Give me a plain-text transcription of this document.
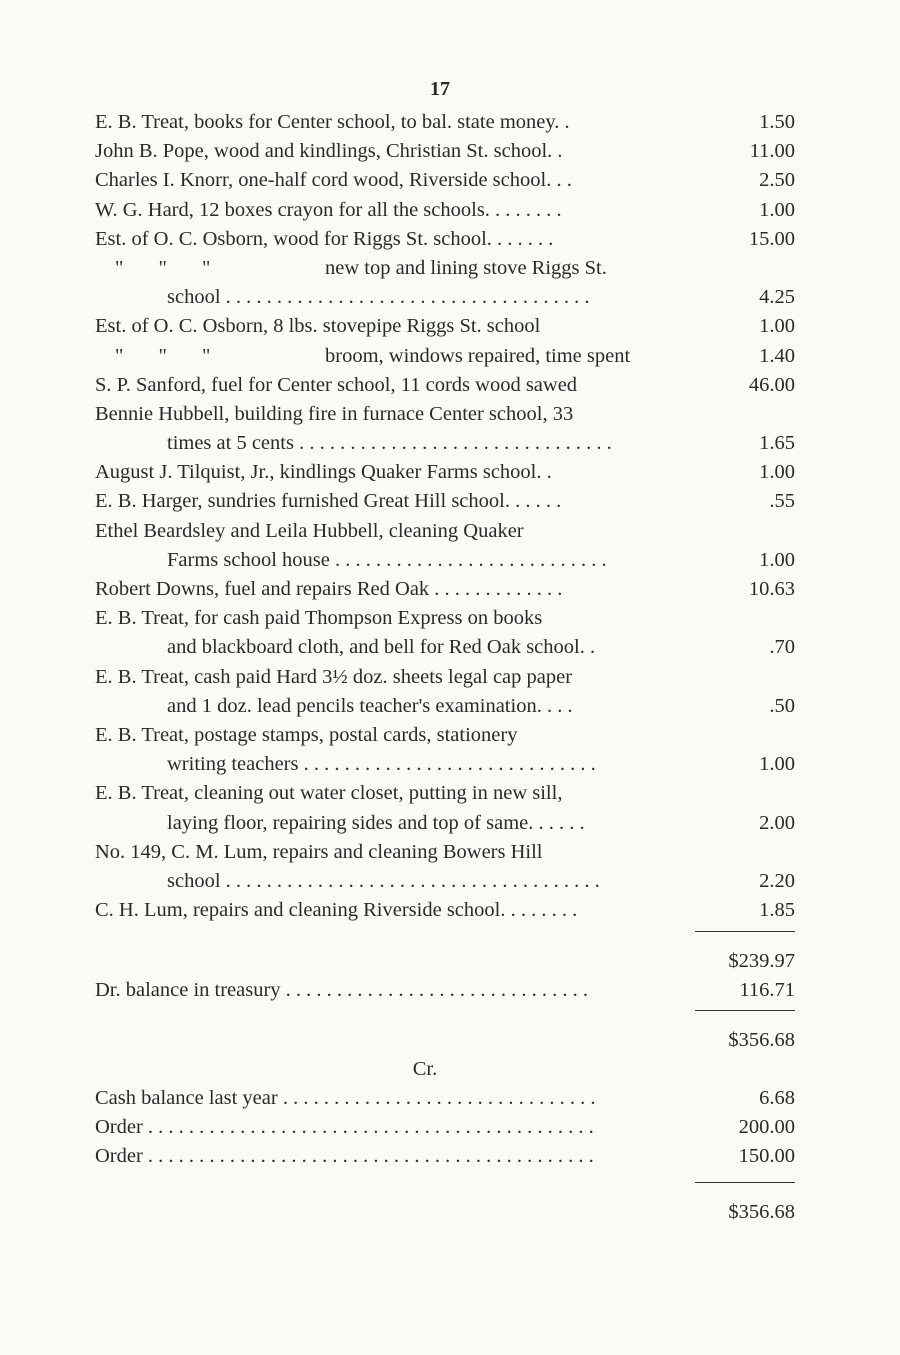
17
E. B. Treat, books for Center school, to bal. state money. .	1.50
John B. Pope, wood and kindlings, Christian St. school. .	11.00
Charles I. Knorr, one-half cord wood, Riverside school. . .	2.50
W. G. Hard, 12 boxes crayon for all the schools. . . . . . . .	1.00
Est. of O. C. Osborn, wood for Riggs St. school. . . . . . .	15.00
" " "	new top and lining stove Riggs St.
school . . . . . . . . . . . . . . . . . . . . . . . . . . . . . . . . . . . .	4.25
Est. of O. C. Osborn, 8 lbs. stovepipe Riggs St. school	1.00
" " "	broom, windows repaired, time spent	1.40
S. P. Sanford, fuel for Center school, 11 cords wood sawed	46.00
Bennie Hubbell, building fire in furnace Center school, 33
times at 5 cents . . . . . . . . . . . . . . . . . . . . . . . . . . . . . . .	1.65
August J. Tilquist, Jr., kindlings Quaker Farms school. .	1.00
E. B. Harger, sundries furnished Great Hill school. . . . . .	.55
Ethel Beardsley and Leila Hubbell, cleaning Quaker
Farms school house . . . . . . . . . . . . . . . . . . . . . . . . . . .	1.00
Robert Downs, fuel and repairs Red Oak . . . . . . . . . . . . .	10.63
E. B. Treat, for cash paid Thompson Express on books
and blackboard cloth, and bell for Red Oak school. .	.70
E. B. Treat, cash paid Hard 3½ doz. sheets legal cap paper
and 1 doz. lead pencils teacher's examination. . . .	.50
E. B. Treat, postage stamps, postal cards, stationery
writing teachers . . . . . . . . . . . . . . . . . . . . . . . . . . . . .	1.00
E. B. Treat, cleaning out water closet, putting in new sill,
laying floor, repairing sides and top of same. . . . . .	2.00
No. 149, C. M. Lum, repairs and cleaning Bowers Hill
school . . . . . . . . . . . . . . . . . . . . . . . . . . . . . . . . . . . . .	2.20
C. H. Lum, repairs and cleaning Riverside school. . . . . . . .	1.85
$239.97
Dr. balance in treasury . . . . . . . . . . . . . . . . . . . . . . . . . . . . . .	116.71
$356.68
Cr.
Cash balance last year . . . . . . . . . . . . . . . . . . . . . . . . . . . . . . .	6.68
Order . . . . . . . . . . . . . . . . . . . . . . . . . . . . . . . . . . . . . . . . . . . .	200.00
Order . . . . . . . . . . . . . . . . . . . . . . . . . . . . . . . . . . . . . . . . . . . .	150.00
$356.68
